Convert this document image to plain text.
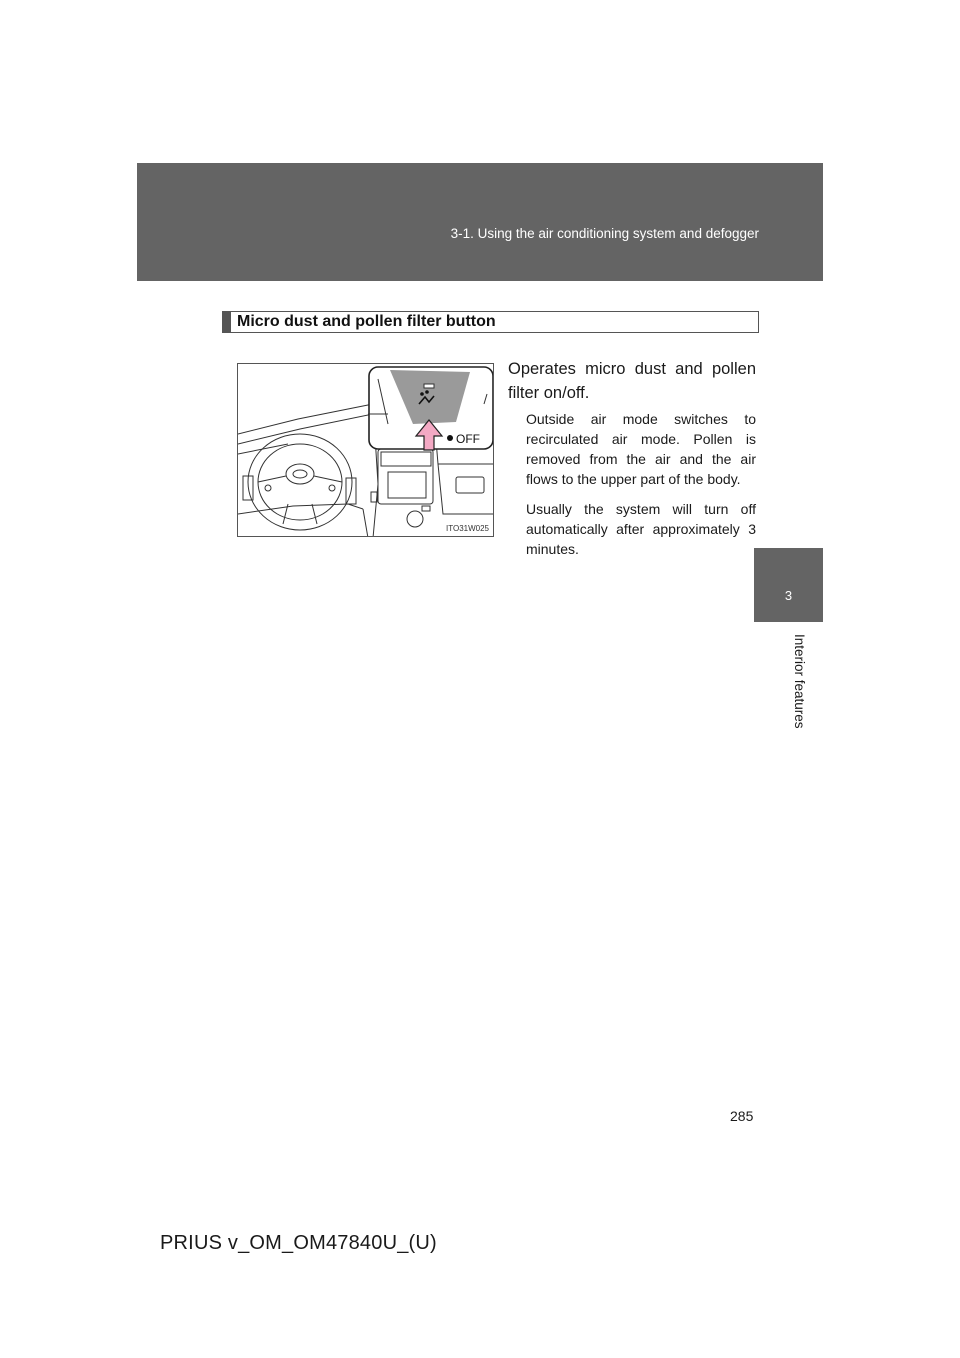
3-1. Using the air conditioning system and defogger
3
Interior features
Micro dust and pollen filter button
OFF
ITO31W025
Operates micro dust and pollen filter on/off.
Outside air mode switches to recirculated air mode. Pollen is removed from the air and the air flows to the upper part of the body.
Usually the system will turn off automatically after approximately 3 minutes.
285
PRIUS v_OM_OM47840U_(U)
